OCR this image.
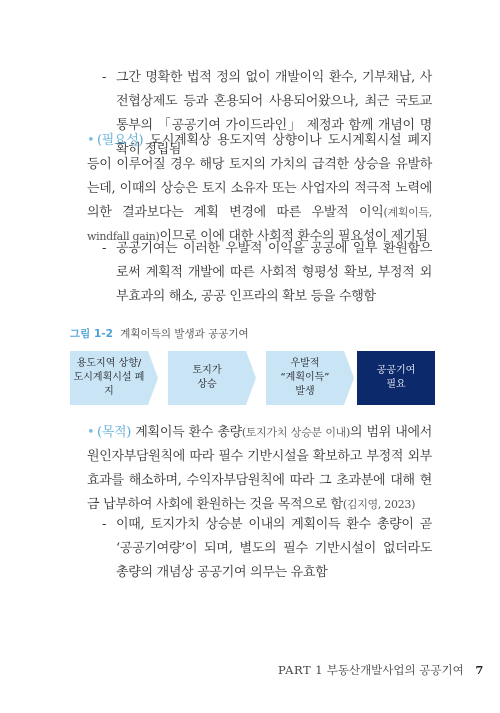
- 그간 명확한 법적 정의 없이 개발이익 환수, 기부채납, 사전협상제도 등과 혼용되어 사용되어왔으나, 최근 국토교통부의 「공공기여 가이드라인」 제정과 함께 개념이 명확히 정립됨
• (필요성) 도시계획상 용도지역 상향이나 도시계획시설 폐지 등이 이루어질 경우 해당 토지의 가치의 급격한 상승을 유발하는데, 이때의 상승은 토지 소유자 또는 사업자의 적극적 노력에 의한 결과보다는 계획 변경에 따른 우발적 이익(계획이득, windfall gain)이므로 이에 대한 사회적 환수의 필요성이 제기됨
- 공공기여는 이러한 우발적 이익을 공공에 일부 환원함으로써 계획적 개발에 따른 사회적 형평성 확보, 부정적 외부효과의 해소, 공공 인프라의 확보 등을 수행함
그림 1-2 계획이득의 발생과 공공기여
용도지역 상향/
도시계획시설 폐지
토지가
상승
우발적
“계획이득”
발생
공공기여
필요
• (목적) 계획이득 환수 총량(토지가치 상승분 이내)의 범위 내에서 원인자부담원칙에 따라 필수 기반시설을 확보하고 부정적 외부효과를 해소하며, 수익자부담원칙에 따라 그 초과분에 대해 현금 납부하여 사회에 환원하는 것을 목적으로 함(김지영, 2023)
- 이때, 토지가치 상승분 이내의 계획이득 환수 총량이 곧 ‘공공기여량’이 되며, 별도의 필수 기반시설이 없더라도 총량의 개념상 공공기여 의무는 유효함
PART 1 부동산개발사업의 공공기여 7
